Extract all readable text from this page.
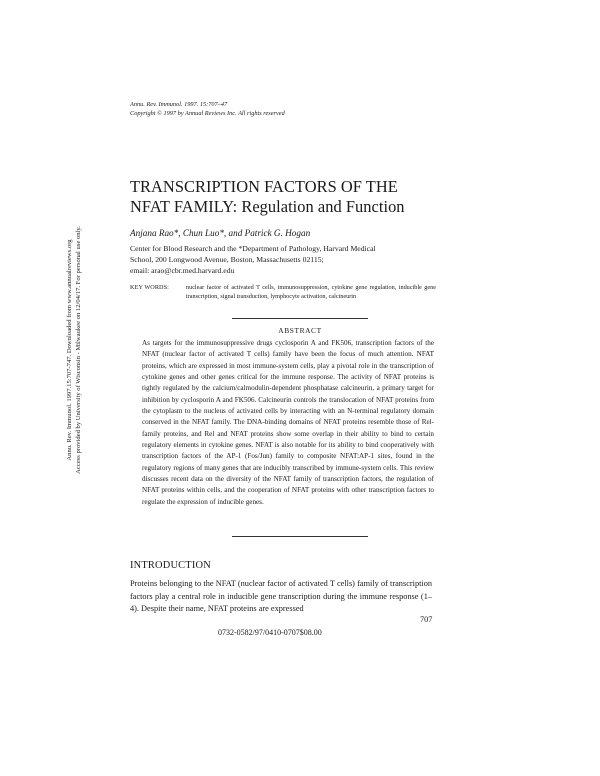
Annu. Rev. Immunol. 1997. 15:707–47
Copyright © 1997 by Annual Reviews Inc. All rights reserved
Annu. Rev. Immunol. 1997.15:707-747. Downloaded from www.annualreviews.org Access provided by University of Wisconsin - Milwaukee on 12/04/17. For personal use only.
TRANSCRIPTION FACTORS OF THE
NFAT FAMILY: Regulation and Function
Anjana Rao*, Chun Luo*, and Patrick G. Hogan
Center for Blood Research and the *Department of Pathology, Harvard Medical
School, 200 Longwood Avenue, Boston, Massachusetts 02115;
email: arao@cbr.med.harvard.edu
KEY WORDS:	nuclear factor of activated T cells, immunosuppression, cytokine gene regulation, inducible gene transcription, signal transduction, lymphocyte activation, calcineurin
ABSTRACT
As targets for the immunosuppressive drugs cyclosporin A and FK506, transcription factors of the NFAT (nuclear factor of activated T cells) family have been the focus of much attention. NFAT proteins, which are expressed in most immune-system cells, play a pivotal role in the transcription of cytokine genes and other genes critical for the immune response. The activity of NFAT proteins is tightly regulated by the calcium/calmodulin-dependent phosphatase calcineurin, a primary target for inhibition by cyclosporin A and FK506. Calcineurin controls the translocation of NFAT proteins from the cytoplasm to the nucleus of activated cells by interacting with an N-terminal regulatory domain conserved in the NFAT family. The DNA-binding domains of NFAT proteins resemble those of Rel-family proteins, and Rel and NFAT proteins show some overlap in their ability to bind to certain regulatory elements in cytokine genes. NFAT is also notable for its ability to bind cooperatively with transcription factors of the AP-1 (Fos/Jun) family to composite NFAT:AP-1 sites, found in the regulatory regions of many genes that are inducibly transcribed by immune-system cells. This review discusses recent data on the diversity of the NFAT family of transcription factors, the regulation of NFAT proteins within cells, and the cooperation of NFAT proteins with other transcription factors to regulate the expression of inducible genes.
INTRODUCTION
Proteins belonging to the NFAT (nuclear factor of activated T cells) family of transcription factors play a central role in inducible gene transcription during the immune response (1–4). Despite their name, NFAT proteins are expressed
707
0732-0582/97/0410-0707$08.00
